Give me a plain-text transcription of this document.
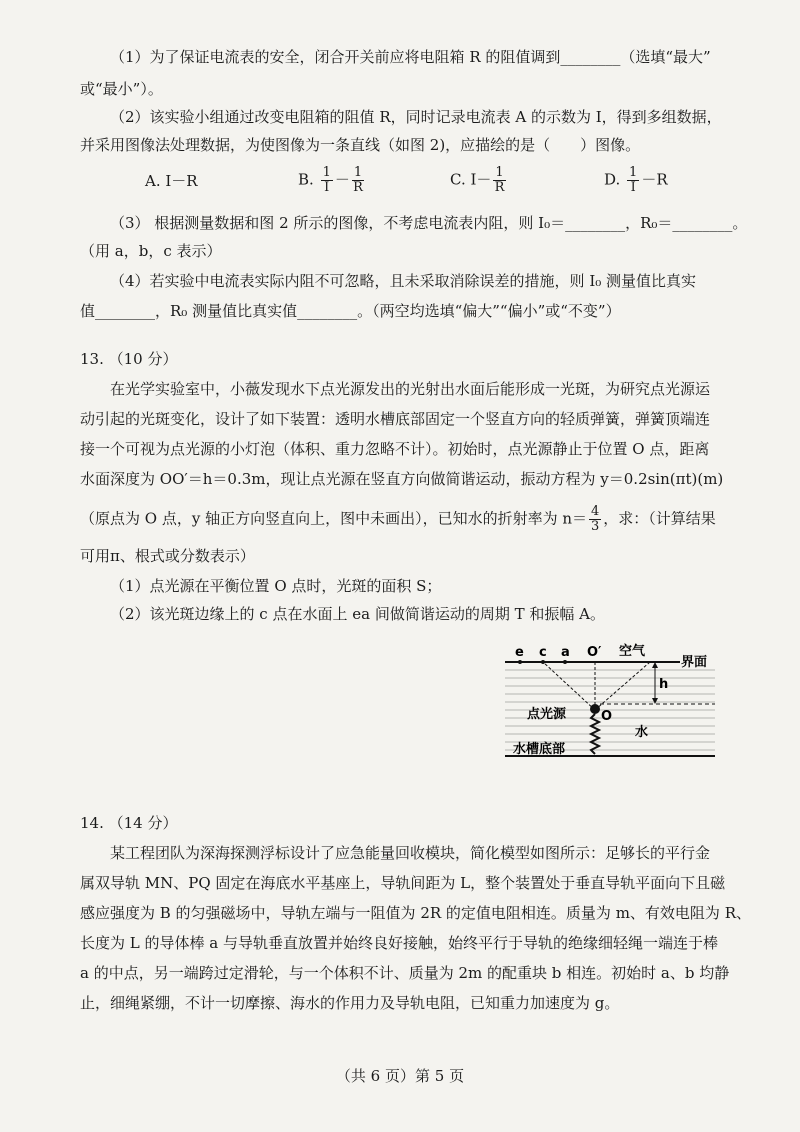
（1）为了保证电流表的安全，闭合开关前应将电阻箱 R 的阻值调到________（选填“最大”
或“最小”）。
（2）该实验小组通过改变电阻箱的阻值 R，同时记录电流表 A 的示数为 I，得到多组数据，
并采用图像法处理数据，为使图像为一条直线（如图 2)，应描绘的是（　　）图像。
A. I－R	B. $\frac{1}{I} - \frac{1}{R}$	C. $I- \frac{1}{R}$	D. $\frac{1}{I} -R$
（3） 根据测量数据和图 2 所示的图像，不考虑电流表内阻，则 I₀＝________，R₀＝________。
（用 a，b，c 表示）
（4）若实验中电流表实际内阻不可忽略，且未采取消除误差的措施，则 I₀ 测量值比真实
值________，R₀ 测量值比真实值________。（两空均选填“偏大”“偏小”或“不变”）
13. （10 分）
在光学实验室中，小薇发现水下点光源发出的光射出水面后能形成一光斑，为研究点光源运
动引起的光斑变化，设计了如下装置：透明水槽底部固定一个竖直方向的轻质弹簧，弹簧顶端连
接一个可视为点光源的小灯泡（体积、重力忽略不计）。初始时，点光源静止于位置 O 点，距离
水面深度为 OO′＝h＝0.3m，现让点光源在竖直方向做简谐运动，振动方程为 y＝0.2sin(πt)(m)
（原点为 O 点，y 轴正方向竖直向上，图中未画出），已知水的折射率为 $n= \frac{4}{3}$ ，求：（计算结果
可用π、根式或分数表示）
（1）点光源在平衡位置 O 点时，光斑的面积 S；
（2）该光斑边缘上的 c 点在水面上 ea 间做简谐运动的周期 T 和振幅 A。
e c a O′ 空气
界面
h
点光源	O
水
水槽底部
14. （14 分）
某工程团队为深海探测浮标设计了应急能量回收模块，简化模型如图所示：足够长的平行金
属双导轨 MN、PQ 固定在海底水平基座上，导轨间距为 L，整个装置处于垂直导轨平面向下且磁
感应强度为 B 的匀强磁场中，导轨左端与一阻值为 2R 的定值电阻相连。质量为 m、有效电阻为 R、
长度为 L 的导体棒 a 与导轨垂直放置并始终良好接触，始终平行于导轨的绝缘细轻绳一端连于棒
a 的中点，另一端跨过定滑轮，与一个体积不计、质量为 2m 的配重块 b 相连。初始时 a、b 均静
止，细绳紧绷，不计一切摩擦、海水的作用力及导轨电阻，已知重力加速度为 g。
（共 6 页）第 5 页
